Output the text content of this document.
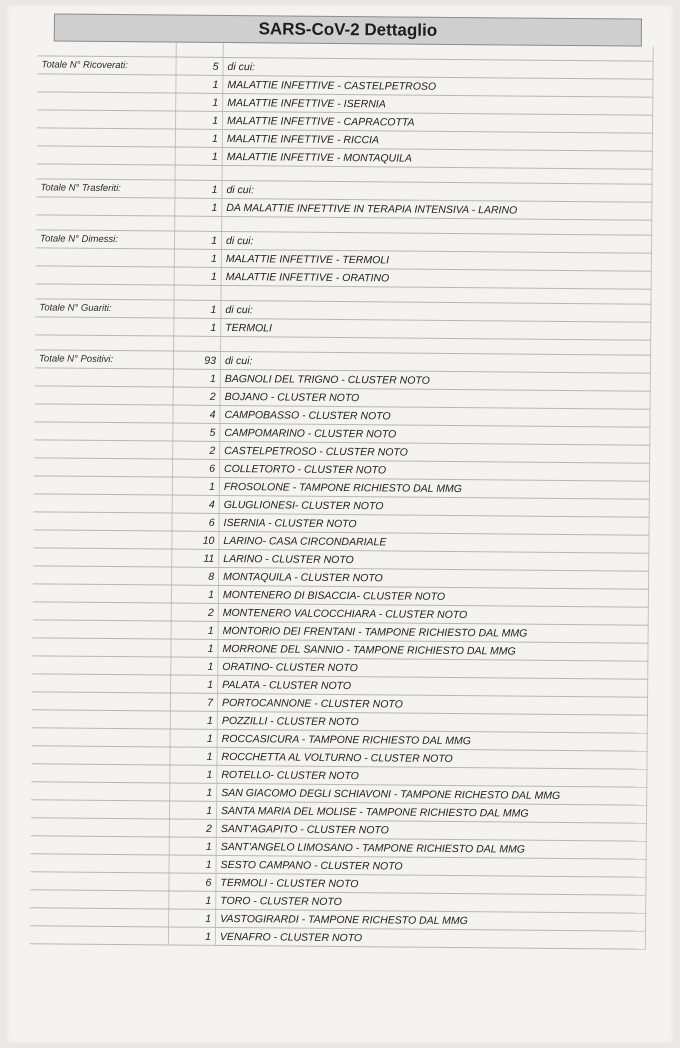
SARS-CoV-2 Dettaglio

Totale N° Ricoverati:	5	di cui:
	1	MALATTIE INFETTIVE - CASTELPETROSO
	1	MALATTIE INFETTIVE - ISERNIA
	1	MALATTIE INFETTIVE - CAPRACOTTA
	1	MALATTIE INFETTIVE - RICCIA
	1	MALATTIE INFETTIVE - MONTAQUILA

Totale N° Trasferiti:	1	di cui:
	1	DA MALATTIE INFETTIVE IN TERAPIA INTENSIVA - LARINO

Totale N° Dimessi:	1	di cui:
	1	MALATTIE INFETTIVE - TERMOLI
	1	MALATTIE INFETTIVE - ORATINO

Totale N° Guariti:	1	di cui:
	1	TERMOLI

Totale N° Positivi:	93	di cui:
	1	BAGNOLI DEL TRIGNO - CLUSTER NOTO
	2	BOJANO - CLUSTER NOTO
	4	CAMPOBASSO - CLUSTER NOTO
	5	CAMPOMARINO - CLUSTER NOTO
	2	CASTELPETROSO - CLUSTER NOTO
	6	COLLETORTO - CLUSTER NOTO
	1	FROSOLONE - TAMPONE RICHIESTO DAL MMG
	4	GLUGLIONESI- CLUSTER NOTO
	6	ISERNIA - CLUSTER NOTO
	10	LARINO- CASA CIRCONDARIALE
	11	LARINO - CLUSTER NOTO
	8	MONTAQUILA - CLUSTER NOTO
	1	MONTENERO DI BISACCIA- CLUSTER NOTO
	2	MONTENERO VALCOCCHIARA - CLUSTER NOTO
	1	MONTORIO DEI FRENTANI - TAMPONE RICHIESTO DAL MMG
	1	MORRONE DEL SANNIO - TAMPONE RICHIESTO DAL MMG
	1	ORATINO- CLUSTER NOTO
	1	PALATA - CLUSTER NOTO
	7	PORTOCANNONE - CLUSTER NOTO
	1	POZZILLI - CLUSTER NOTO
	1	ROCCASICURA - TAMPONE RICHIESTO DAL MMG
	1	ROCCHETTA AL VOLTURNO - CLUSTER NOTO
	1	ROTELLO- CLUSTER NOTO
	1	SAN GIACOMO DEGLI SCHIAVONI - TAMPONE RICHESTO DAL MMG
	1	SANTA MARIA DEL MOLISE - TAMPONE RICHIESTO DAL MMG
	2	SANT'AGAPITO - CLUSTER NOTO
	1	SANT'ANGELO LIMOSANO - TAMPONE RICHIESTO DAL MMG
	1	SESTO CAMPANO - CLUSTER NOTO
	6	TERMOLI - CLUSTER NOTO
	1	TORO - CLUSTER NOTO
	1	VASTOGIRARDI - TAMPONE RICHESTO DAL MMG
	1	VENAFRO - CLUSTER NOTO
